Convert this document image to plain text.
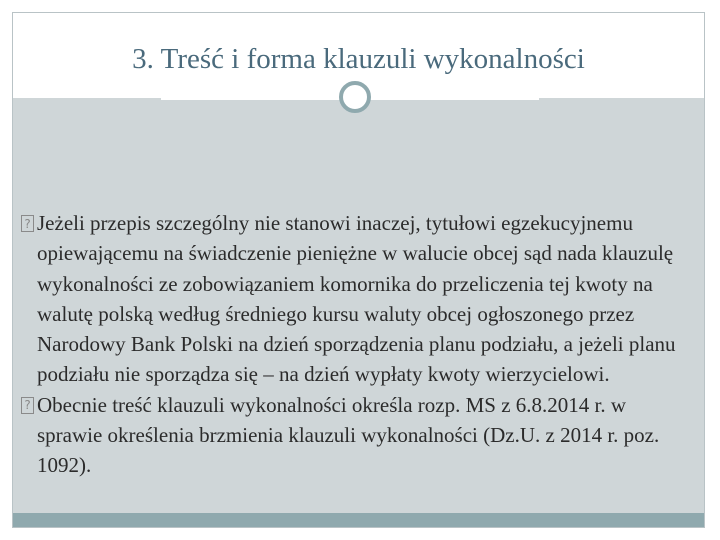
3. Treść i forma klauzuli wykonalności
? Jeżeli przepis szczególny nie stanowi inaczej, tytułowi egzekucyjnemu opiewającemu na świadczenie pieniężne w walucie obcej sąd nada klauzulę wykonalności ze zobowiązaniem komornika do przeliczenia tej kwoty na walutę polską według średniego kursu waluty obcej ogłoszonego przez Narodowy Bank Polski na dzień sporządzenia planu podziału, a jeżeli planu podziału nie sporządza się – na dzień wypłaty kwoty wierzycielowi.
? Obecnie treść klauzuli wykonalności określa rozp. MS z 6.8.2014 r. w sprawie określenia brzmienia klauzuli wykonalności (Dz.U. z 2014 r. poz. 1092).
